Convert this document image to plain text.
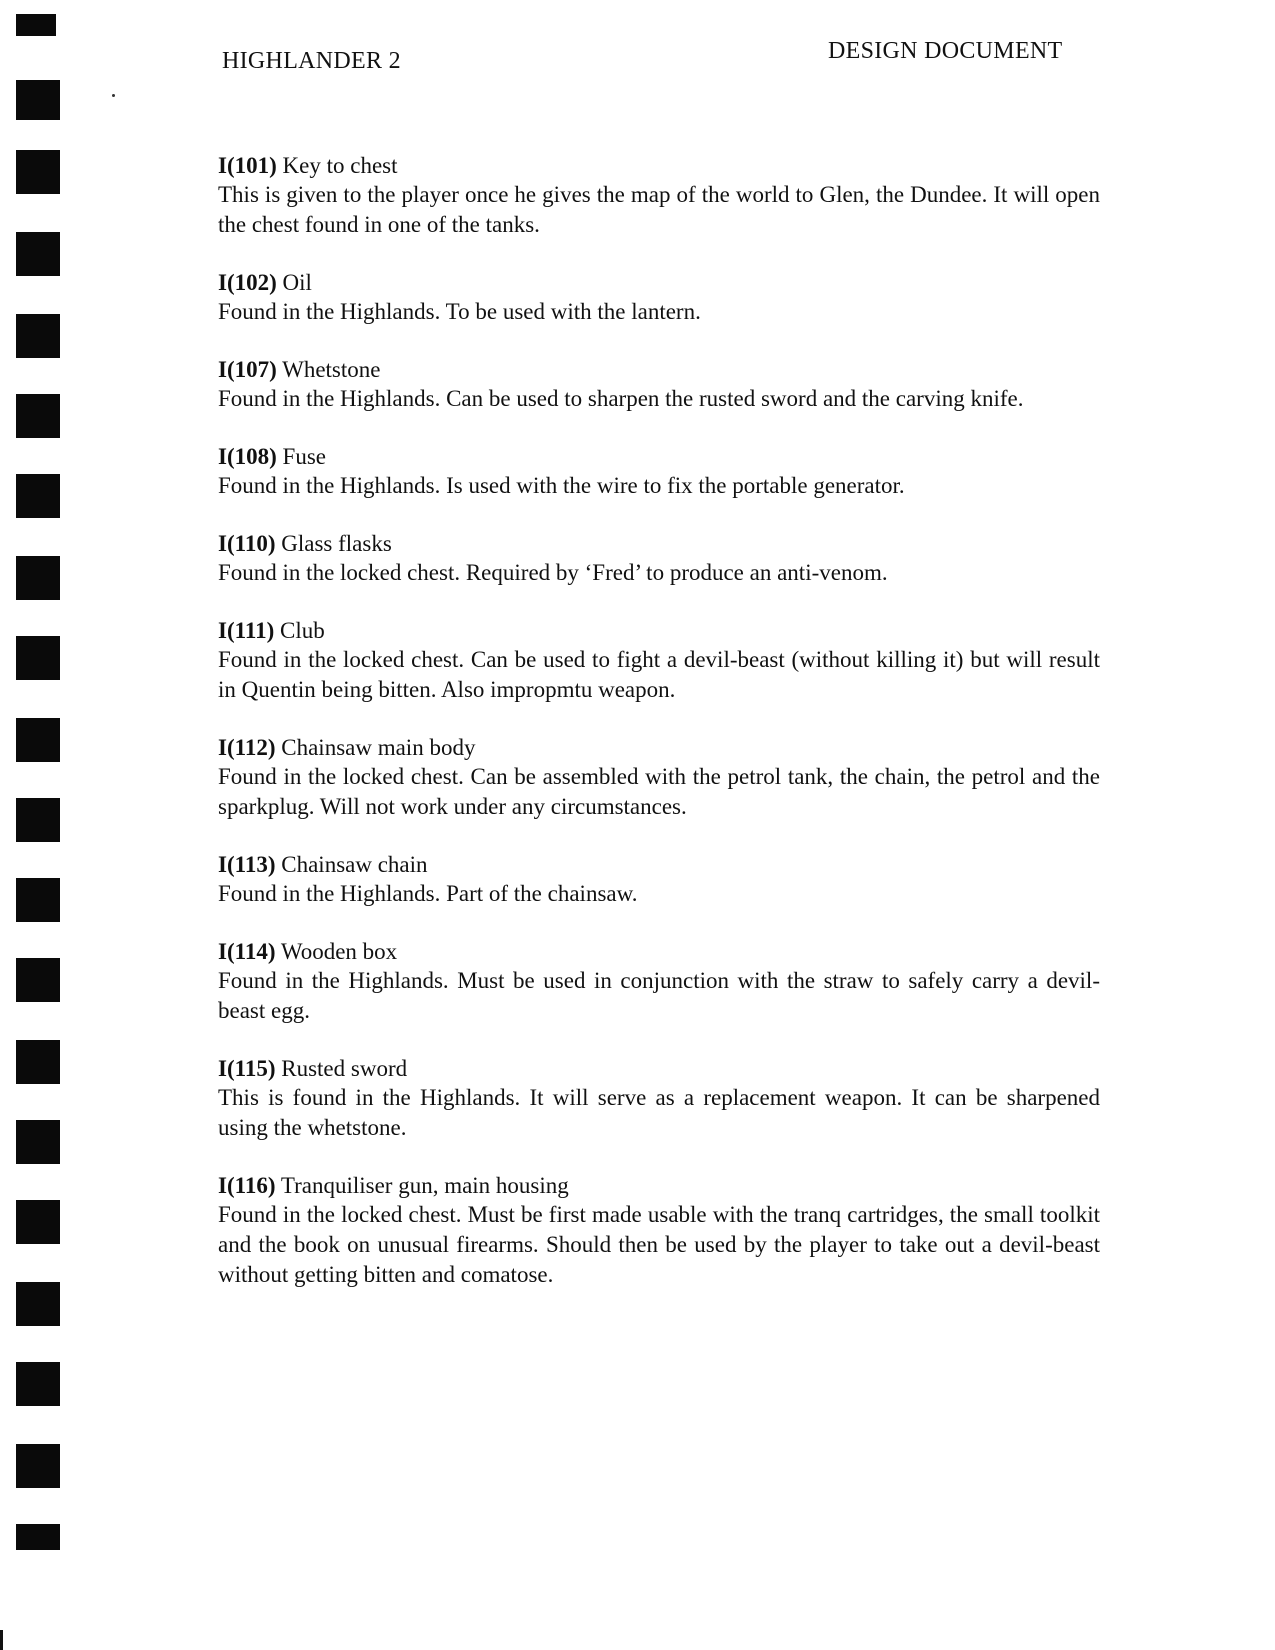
HIGHLANDER 2	DESIGN DOCUMENT

I(101) Key to chest

This is given to the player once he gives the map of the world to Glen, the Dundee. It will open the chest found in one of the tanks.

I(102) Oil

Found in the Highlands. To be used with the lantern.

I(107) Whetstone

Found in the Highlands. Can be used to sharpen the rusted sword and the carving knife.

I(108) Fuse

Found in the Highlands. Is used with the wire to fix the portable generator.

I(110) Glass flasks

Found in the locked chest. Required by ‘Fred’ to produce an anti-venom.

I(111) Club

Found in the locked chest. Can be used to fight a devil-beast (without killing it) but will result in Quentin being bitten. Also impropmtu weapon.

I(112) Chainsaw main body

Found in the locked chest. Can be assembled with the petrol tank, the chain, the petrol and the sparkplug. Will not work under any circumstances.

I(113) Chainsaw chain

Found in the Highlands. Part of the chainsaw.

I(114) Wooden box

Found in the Highlands. Must be used in conjunction with the straw to safely carry a devil-beast egg.

I(115) Rusted sword

This is found in the Highlands. It will serve as a replacement weapon. It can be sharpened using the whetstone.

I(116) Tranquiliser gun, main housing

Found in the locked chest. Must be first made usable with the tranq cartridges, the small toolkit and the book on unusual firearms. Should then be used by the player to take out a devil-beast without getting bitten and comatose.
